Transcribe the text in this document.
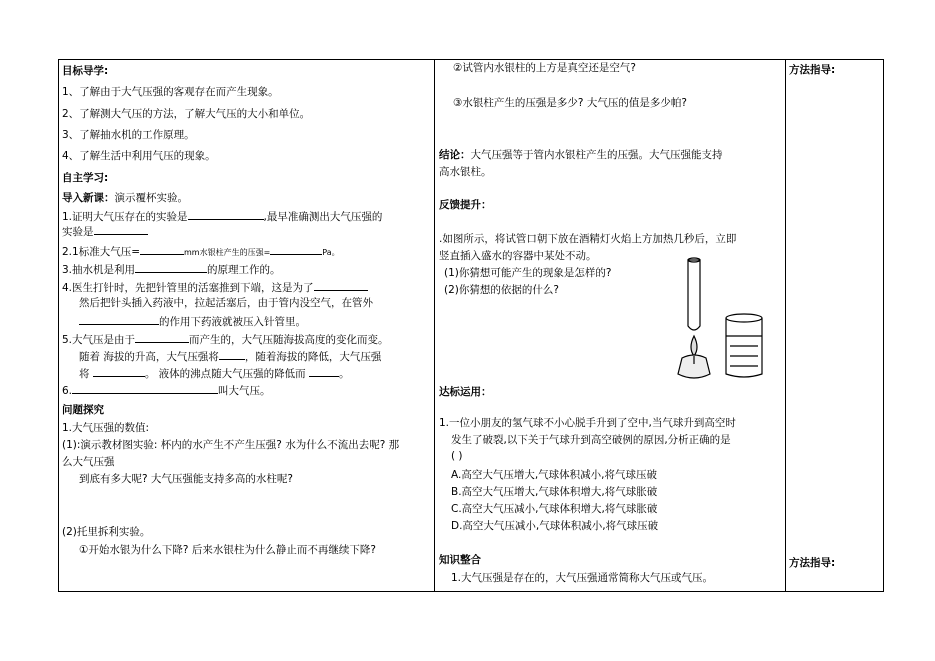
目标导学:
1、了解由于大气压强的客观存在而产生现象。
2、了解测大气压的方法，了解大气压的大小和单位。
3、了解抽水机的工作原理。
4、了解生活中利用气压的现象。
自主学习:
导入新课：演示覆杯实验。
1.证明大气压存在的实验是	,最早准确测出大气压强的
实验是
2.1标准大气压=	mm水银柱产生的压强=	Pa。
3.抽水机是利用	的原理工作的。
4.医生打针时，先把针管里的活塞推到下端，这是为了
然后把针头插入药液中，拉起活塞后，由于管内没空气，在管外
的作用下药液就被压入针管里。
5.大气压是由于	而产生的，大气压随海拔高度的变化而变。
随着 海拔的升高，大气压强将 ，随着海拔的降低，大气压强
将	。 液体的沸点随大气压强的降低而	。
6.	叫大气压。
问题探究
1.大气压强的数值:
(1):演示教材图实验: 杯内的水产生不产生压强? 水为什么不流出去呢? 那
么大气压强
到底有多大呢? 大气压强能支持多高的水柱呢?
(2)托里拆利实验。
①开始水银为什么下降? 后来水银柱为什么静止而不再继续下降?
②试管内水银柱的上方是真空还是空气?
③水银柱产生的压强是多少? 大气压的值是多少帕?
结论：大气压强等于管内水银柱产生的压强。大气压强能支持
高水银柱。
反馈提升：
.如图所示，将试管口朝下放在酒精灯火焰上方加热几秒后，立即
竖直插入盛水的容器中某处不动。
(1)你猜想可能产生的现象是怎样的?
(2)你猜想的依据的什么?
达标运用：
1.一位小朋友的氢气球不小心脱手升到了空中,当气球升到高空时
发生了破裂,以下关于气球升到高空破例的原因,分析正确的是
( )
A.高空大气压增大,气球体积减小,将气球压破
B.高空大气压增大,气球体积增大,将气球胀破
C.高空大气压减小,气球体积增大,将气球胀破
D.高空大气压减小,气球体积减小,将气球压破
知识整合
1.大气压强是存在的，大气压强通常简称大气压或气压。
方法指导:
方法指导:
